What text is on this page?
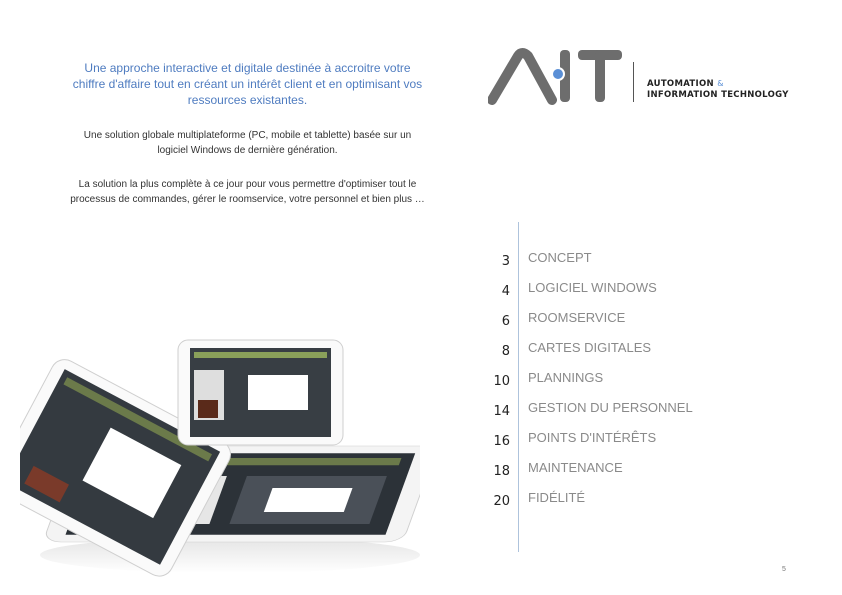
Une approche interactive et digitale destinée à accroitre votre chiffre d'affaire tout en créant un intérêt client et en optimisant vos ressources existantes.

Une solution globale multiplateforme (PC, mobile et tablette) basée sur un logiciel Windows de dernière génération.

La solution la plus complète à ce jour pour vous permettre d'optimiser tout le processus de commandes, gérer le roomservice, votre personnel et bien plus …

AUTOMATION &
INFORMATION TECHNOLOGY
3 CONCEPT
4 LOGICIEL WINDOWS
6 ROOMSERVICE
8 CARTES DIGITALES
10 PLANNINGS
14 GESTION DU PERSONNEL
16 POINTS D'INTÉRÊTS
18 MAINTENANCE
20 FIDÉLITÉ
5
